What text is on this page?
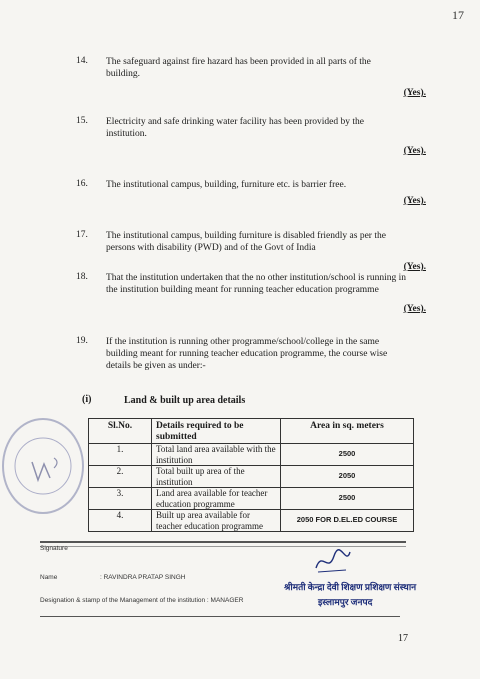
17
14. The safeguard against fire hazard has been provided in all parts of the
building.
(Yes).
15. Electricity and safe drinking water facility has been provided by the
institution.
(Yes).
16. The institutional campus, building, furniture etc. is barrier free.
(Yes).
17. The institutional campus, building furniture is disabled friendly as per the
persons with disability (PWD) and of the Govt of India
(Yes).
18. That the institution undertaken that the no other institution/school is running in
the institution building meant for running teacher education programme
(Yes).
19. If the institution is running other programme/school/college in the same
building meant for running teacher education programme, the course wise
details be given as under:-
(i)	Land & built up area details
Sl.No.	Details required to be submitted	Area in sq. meters
1.	Total land area available with the institution	2500
2.	Total built up area of the institution	2050
3.	Land area available for teacher education programme	2500
4.	Built up area available for teacher education programme	2050 FOR D.EL.ED COURSE
Signature
Name	: RAVINDRA PRATAP SINGH
श्रीमती केन्द्रा देवी शिक्षण प्रशिक्षण संस्थान
इस्लामपुर जनपद
Designation & stamp of the Management of the institution : MANAGER
17
